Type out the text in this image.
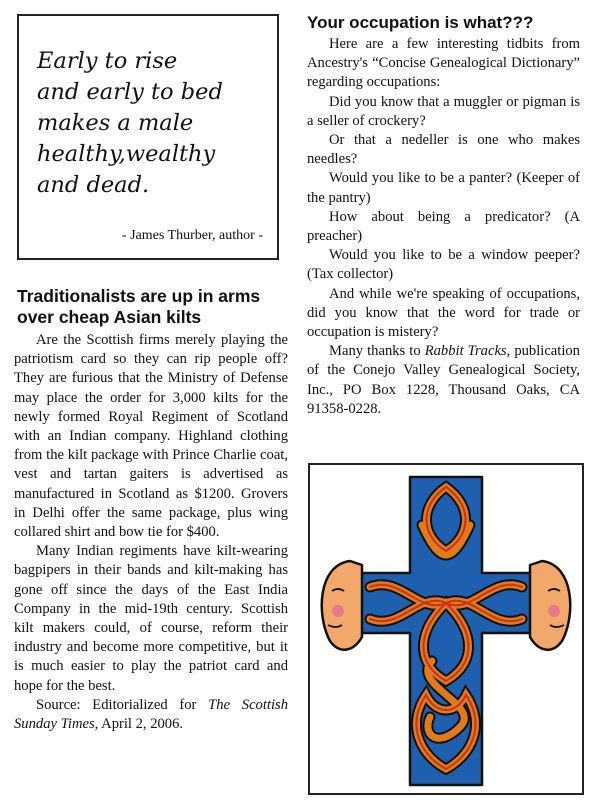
Early to rise
and early to bed
makes a male
healthy,wealthy
and dead.
- James Thurber, author -
Traditionalists are up in arms
over cheap Asian kilts

Are the Scottish firms merely playing the patriotism card so they can rip people off? They are furious that the Ministry of Defense may place the order for 3,000 kilts for the newly formed Royal Regiment of Scotland with an Indian company. Highland clothing from the kilt package with Prince Charlie coat, vest and tartan gaiters is advertised as manufactured in Scotland as $1200. Grovers in Delhi offer the same package, plus wing collared shirt and bow tie for $400.

Many Indian regiments have kilt-wearing bagpipers in their bands and kilt-making has gone off since the days of the East India Company in the mid-19th century. Scottish kilt makers could, of course, reform their industry and become more competitive, but it is much easier to play the patriot card and hope for the best.

Source: Editorialized for The Scottish Sunday Times, April 2, 2006.

Your occupation is what???

Here are a few interesting tidbits from Ancestry's “Concise Genealogical Dictionary” regarding occupations:

Did you know that a muggler or pigman is a seller of crockery?

Or that a nedeller is one who makes needles?

Would you like to be a panter? (Keeper of the pantry)

How about being a predicator? (A preacher)

Would you like to be a window peeper? (Tax collector)

And while we're speaking of occupations, did you know that the word for trade or occupation is mistery?

Many thanks to Rabbit Tracks, publication of the Conejo Valley Genealogical Society, Inc., PO Box 1228, Thousand Oaks, CA 91358-0228.
